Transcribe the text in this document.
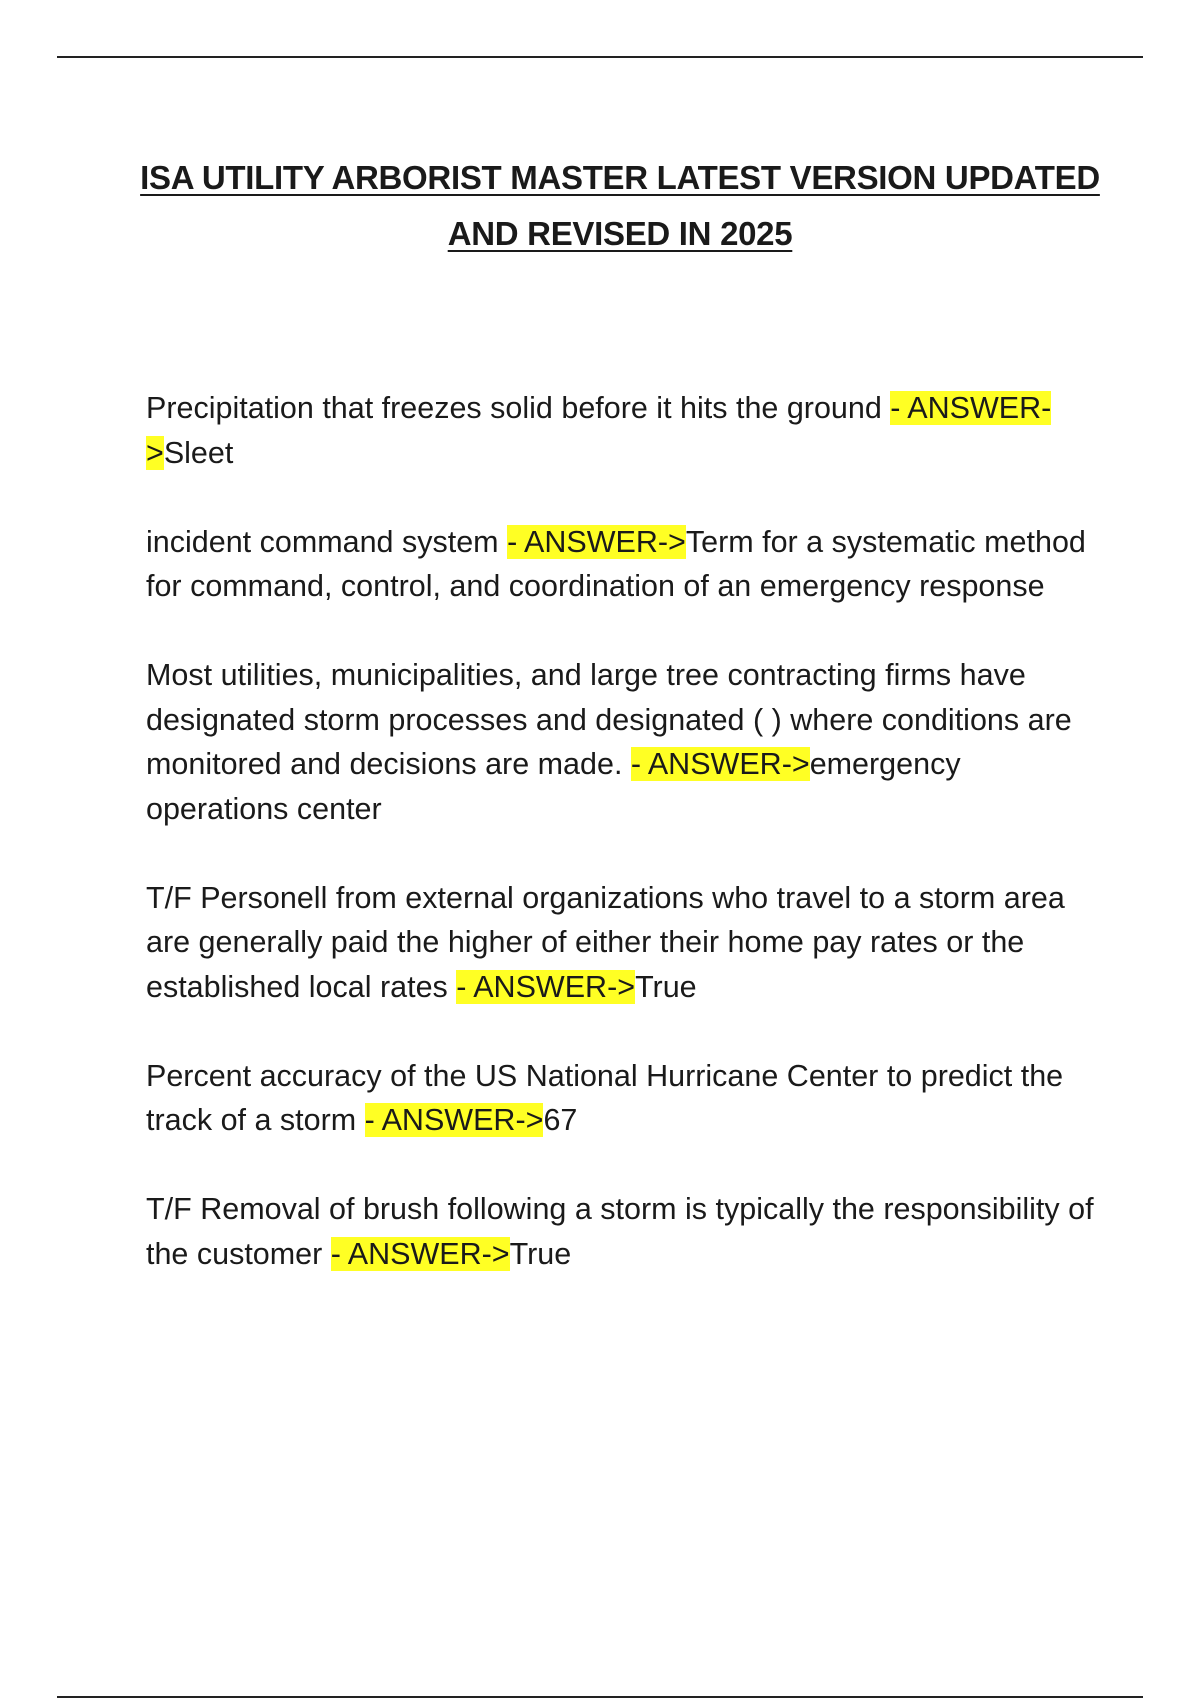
ISA UTILITY ARBORIST MASTER LATEST VERSION UPDATED
AND REVISED IN 2025
Precipitation that freezes solid before it hits the ground - ANSWER->Sleet
incident command system - ANSWER->Term for a systematic method for command, control, and coordination of an emergency response
Most utilities, municipalities, and large tree contracting firms have designated storm processes and designated ( ) where conditions are monitored and decisions are made. - ANSWER->emergency operations center
T/F Personell from external organizations who travel to a storm area are generally paid the higher of either their home pay rates or the established local rates - ANSWER->True
Percent accuracy of the US National Hurricane Center to predict the track of a storm - ANSWER->67
T/F Removal of brush following a storm is typically the responsibility of the customer - ANSWER->True
